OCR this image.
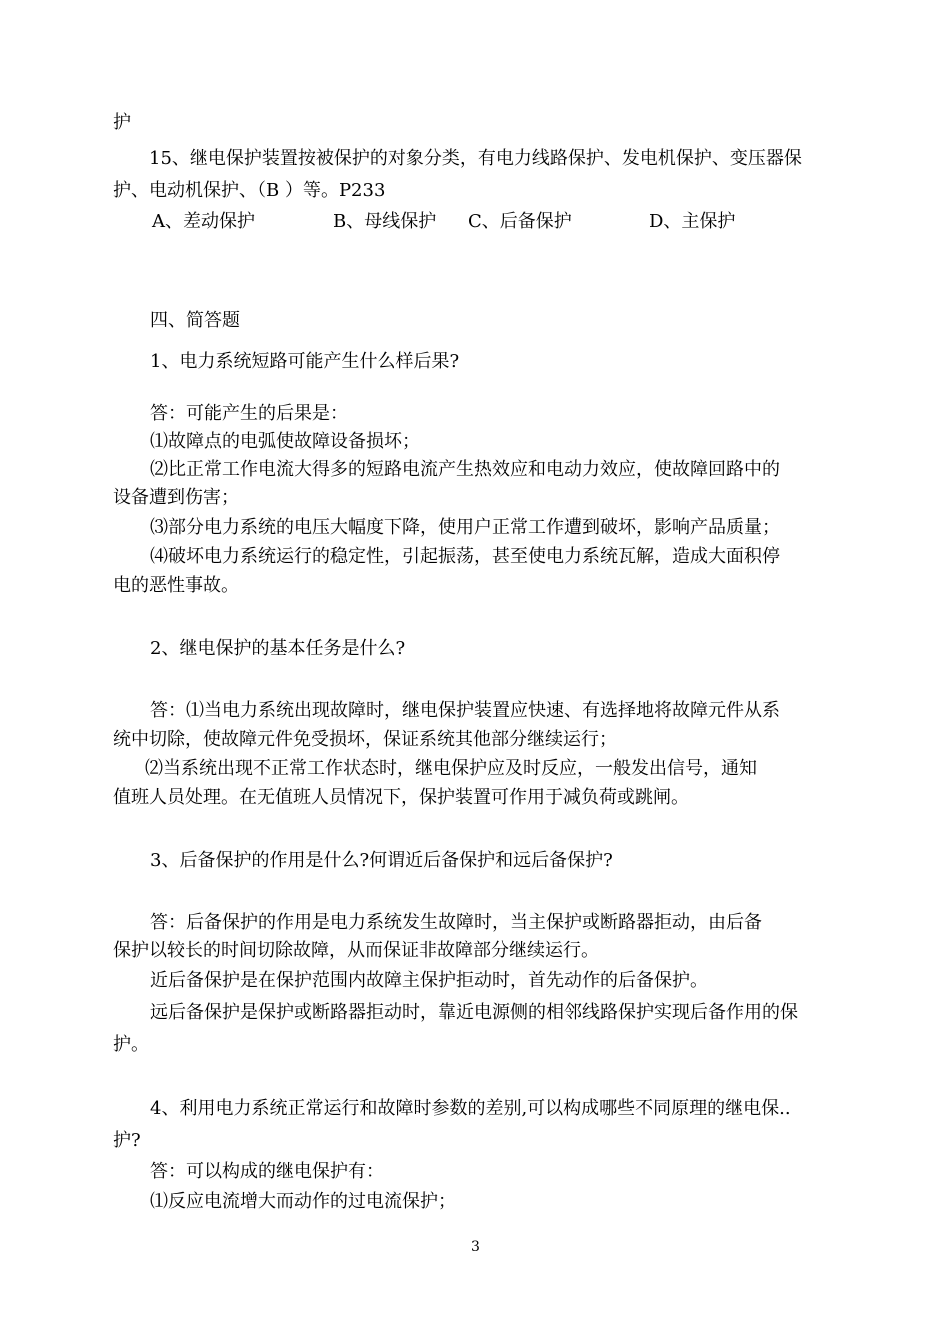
护
15、继电保护装置按被保护的对象分类，有电力线路保护、发电机保护、变压器保
护、电动机保护、（B ）等。P233
A、差动保护	B、母线保护 C、后备保护	D、主保护
四、简答题
1、电力系统短路可能产生什么样后果?
答：可能产生的后果是：
⑴故障点的电弧使故障设备损坏；
⑵比正常工作电流大得多的短路电流产生热效应和电动力效应，使故障回路中的
设备遭到伤害；
⑶部分电力系统的电压大幅度下降，使用户正常工作遭到破坏，影响产品质量；
⑷破坏电力系统运行的稳定性，引起振荡，甚至使电力系统瓦解，造成大面积停
电的恶性事故。
2、继电保护的基本任务是什么?
答：⑴当电力系统出现故障时，继电保护装置应快速、有选择地将故障元件从系
统中切除，使故障元件免受损坏，保证系统其他部分继续运行；
⑵当系统出现不正常工作状态时，继电保护应及时反应，一般发出信号，通知
值班人员处理。在无值班人员情况下，保护装置可作用于减负荷或跳闸。
3、后备保护的作用是什么?何谓近后备保护和远后备保护?
答：后备保护的作用是电力系统发生故障时，当主保护或断路器拒动，由后备
保护以较长的时间切除故障，从而保证非故障部分继续运行。
近后备保护是在保护范围内故障主保护拒动时，首先动作的后备保护。
远后备保护是保护或断路器拒动时，靠近电源侧的相邻线路保护实现后备作用的保
护。
4、利用电力系统正常运行和故障时参数的差别,可以构成哪些不同原理的继电保..
护?
答：可以构成的继电保护有：
⑴反应电流增大而动作的过电流保护；
3
